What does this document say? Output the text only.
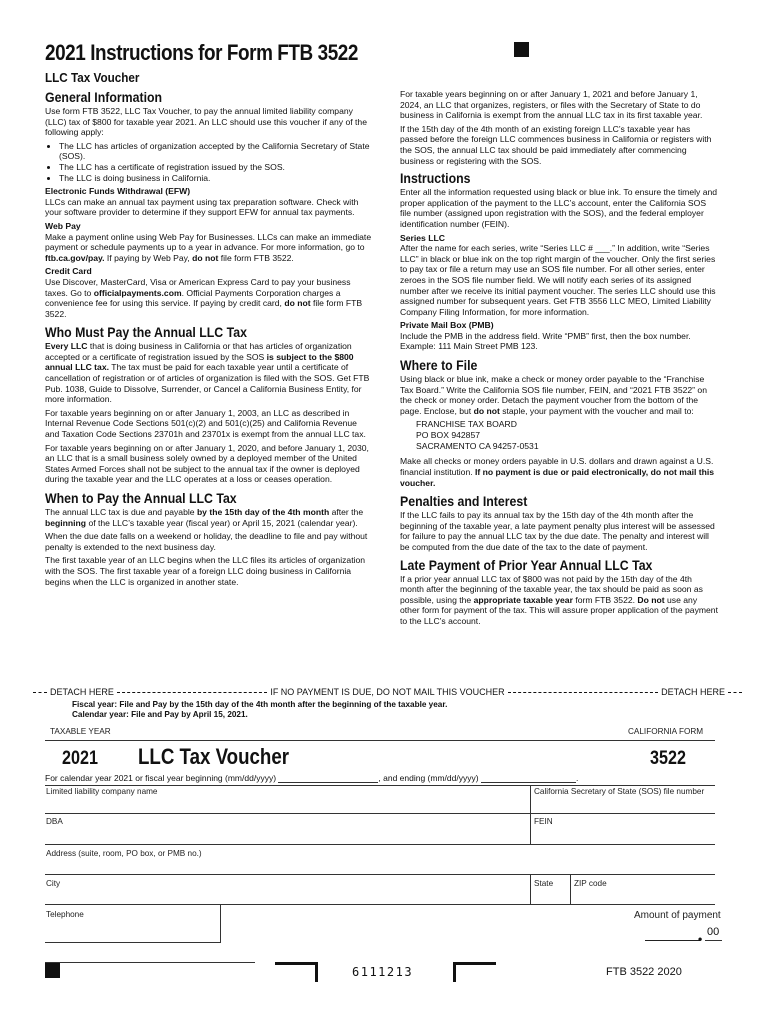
2021 Instructions for Form FTB 3522
LLC Tax Voucher
General Information

Use form FTB 3522, LLC Tax Voucher, to pay the annual limited liability company (LLC) tax of $800 for taxable year 2021. An LLC should use this voucher if any of the following apply:

• The LLC has articles of organization accepted by the California Secretary of State (SOS).
• The LLC has a certificate of registration issued by the SOS.
• The LLC is doing business in California.
Electronic Funds Withdrawal (EFW)

LLCs can make an annual tax payment using tax preparation software. Check with your software provider to determine if they support EFW for annual tax payments.

Web Pay

Make a payment online using Web Pay for Businesses. LLCs can make an immediate payment or schedule payments up to a year in advance. For more information, go to ftb.ca.gov/pay. If paying by Web Pay, do not file form FTB 3522.

Credit Card

Use Discover, MasterCard, Visa or American Express Card to pay your business taxes. Go to officialpayments.com. Official Payments Corporation charges a convenience fee for using this service. If paying by credit card, do not file form FTB 3522.

Who Must Pay the Annual LLC Tax

Every LLC that is doing business in California or that has articles of organization accepted or a certificate of registration issued by the SOS is subject to the $800 annual LLC tax. The tax must be paid for each taxable year until a certificate of cancellation of registration or of articles of organization is filed with the SOS. Get FTB Pub. 1038, Guide to Dissolve, Surrender, or Cancel a California Business Entity, for more information.

For taxable years beginning on or after January 1, 2003, an LLC as described in Internal Revenue Code Sections 501(c)(2) and 501(c)(25) and California Revenue and Taxation Code Sections 23701h and 23701x is exempt from the annual LLC tax.

For taxable years beginning on or after January 1, 2020, and before January 1, 2030, an LLC that is a small business solely owned by a deployed member of the United States Armed Forces shall not be subject to the annual tax if the owner is deployed during the taxable year and the LLC operates at a loss or ceases operation.

When to Pay the Annual LLC Tax

The annual LLC tax is due and payable by the 15th day of the 4th month after the beginning of the LLC’s taxable year (fiscal year) or April 15, 2021 (calendar year).

When the due date falls on a weekend or holiday, the deadline to file and pay without penalty is extended to the next business day.

The first taxable year of an LLC begins when the LLC files its articles of organization with the SOS. The first taxable year of a foreign LLC doing business in California begins when the LLC is organized in another state.

For taxable years beginning on or after January 1, 2021 and before January 1, 2024, an LLC that organizes, registers, or files with the Secretary of State to do business in California is exempt from the annual LLC tax in its first taxable year.

If the 15th day of the 4th month of an existing foreign LLC’s taxable year has passed before the foreign LLC commences business in California or registers with the SOS, the annual LLC tax should be paid immediately after commencing business or registering with the SOS.

Instructions

Enter all the information requested using black or blue ink. To ensure the timely and proper application of the payment to the LLC’s account, enter the California SOS file number (assigned upon registration with the SOS), and the federal employer identification number (FEIN).

Series LLC

After the name for each series, write “Series LLC # ___.” In addition, write “Series LLC” in black or blue ink on the top right margin of the voucher. Only the first series to pay tax or file a return may use an SOS file number. For all other series, enter zeroes in the SOS file number field. We will notify each series of its assigned number after we receive its initial payment voucher. The series LLC should use this assigned number for subsequent years. Get FTB 3556 LLC MEO, Limited Liability Company Filing Information, for more information.

Private Mail Box (PMB)

Include the PMB in the address field. Write “PMB” first, then the box number. Example: 111 Main Street PMB 123.

Where to File

Using black or blue ink, make a check or money order payable to the “Franchise Tax Board.” Write the California SOS file number, FEIN, and “2021 FTB 3522” on the check or money order. Detach the payment voucher from the bottom of the page. Enclose, but do not staple, your payment with the voucher and mail to:

FRANCHISE TAX BOARD
PO BOX 942857
SACRAMENTO CA 94257-0531

Make all checks or money orders payable in U.S. dollars and drawn against a U.S. financial institution. If no payment is due or paid electronically, do not mail this voucher.

Penalties and Interest

If the LLC fails to pay its annual tax by the 15th day of the 4th month after the beginning of the taxable year, a late payment penalty plus interest will be assessed for failure to pay the annual LLC tax by the due date. The penalty and interest will be computed from the due date of the tax to the date of payment.

Late Payment of Prior Year Annual LLC Tax

If a prior year annual LLC tax of $800 was not paid by the 15th day of the 4th month after the beginning of the taxable year, the tax should be paid as soon as possible, using the appropriate taxable year form FTB 3522. Do not use any other form for payment of the tax. This will assure proper application of the payment to the LLC’s account.

DETACH HERE	IF NO PAYMENT IS DUE, DO NOT MAIL THIS VOUCHER	DETACH HERE
Fiscal year: File and Pay by the 15th day of the 4th month after the beginning of the taxable year.
Calendar year: File and Pay by April 15, 2021.
TAXABLE YEAR	CALIFORNIA FORM
2021 LLC Tax Voucher	3522
For calendar year 2021 or fiscal year beginning (mm/dd/yyyy)	, and ending (mm/dd/yyyy)	.
Limited liability company name	California Secretary of State (SOS) file number
DBA	FEIN
Address (suite, room, PO box, or PMB no.)
City	State	ZIP code
Telephone	Amount of payment
• 00
6111213	FTB 3522 2020
